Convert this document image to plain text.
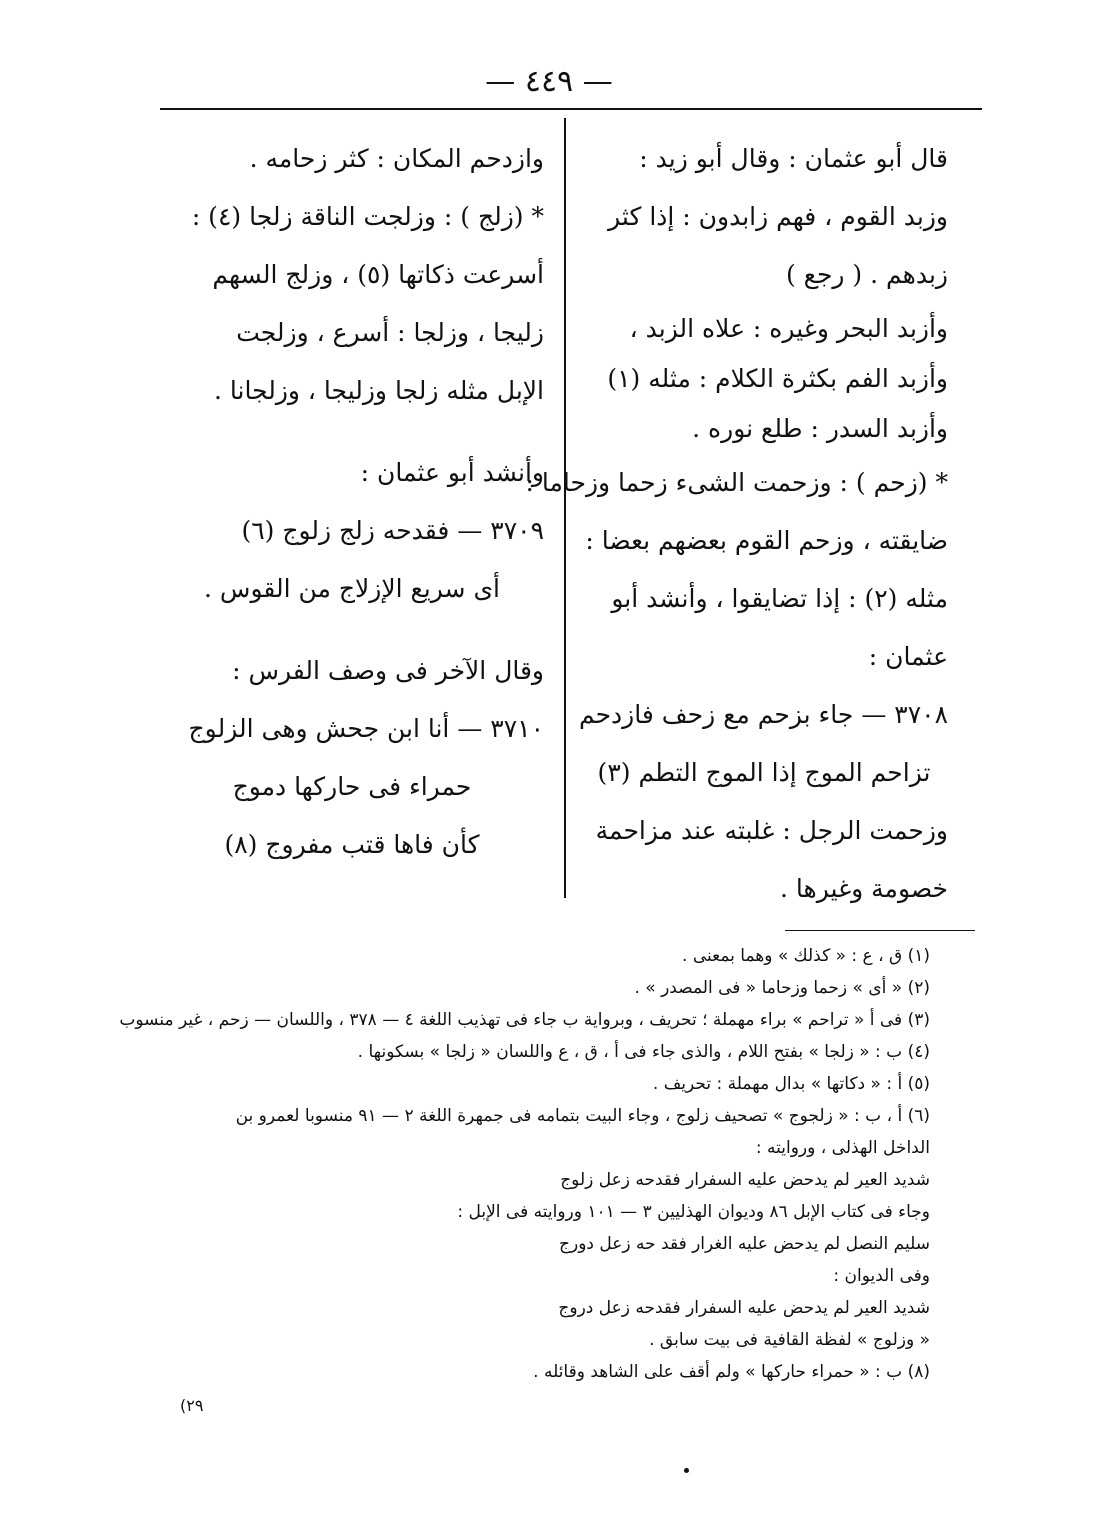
— ٤٤٩ —
قال أبو عثمان : وقال أبو زيد :
وزبد القوم ، فهم زابدون : إذا كثر
زبدهم . ( رجع )
وأزبد البحر وغيره : علاه الزبد ،
وأزبد الفم بكثرة الكلام : مثله (١)
وأزبد السدر : طلع نوره .
* (زحم ) : وزحمت الشىء زحما وزحاما :
ضايقته ، وزحم القوم بعضهم بعضا :
مثله (٢) : إذا تضايقوا ، وأنشد أبو
عثمان :
٣٧٠٨ — جاء بزحم مع زحف فازدحم
تزاحم الموج إذا الموج التطم (٣)
وزحمت الرجل : غلبته عند مزاحمة
خصومة وغيرها .
وازدحم المكان : كثر زحامه .
* (زلج ) : وزلجت الناقة زلجا (٤) :
أسرعت ذكاتها (٥) ، وزلج السهم
زليجا ، وزلجا : أسرع ، وزلجت
الإبل مثله زلجا وزليجا ، وزلجانا .
وأنشد أبو عثمان :
٣٧٠٩ — فقدحه زلج زلوج (٦)
أى سريع الإزلاج من القوس .
وقال الآخر فى وصف الفرس :
٣٧١٠ — أنا ابن جحش وهى الزلوج
حمراء فى حاركها دموج
كأن فاها قتب مفروج (٨)
(١) ق ، ع : « كذلك » وهما بمعنى .
(٢) « أى » زحما وزحاما « فى المصدر » .
(٣) فى أ « تراحم » براء مهملة ؛ تحريف ، وبرواية ب جاء فى تهذيب اللغة ٤ — ٣٧٨ ، واللسان — زحم ، غير منسوب
(٤) ب : « زلجا » بفتح اللام ، والذى جاء فى أ ، ق ، ع واللسان « زلجا » بسكونها .
(٥) أ : « دكاتها » بدال مهملة : تحريف .
(٦) أ ، ب : « زلجوج » تصحيف زلوج ، وجاء البيت بتمامه فى جمهرة اللغة ٢ — ٩١ منسوبا لعمرو بن
الداخل الهذلى ، وروايته :
شديد العير لم يدحض عليه السفرار فقدحه زعل زلوج
وجاء فى كتاب الإبل ٨٦ وديوان الهذليين ٣ — ١٠١ وروايته فى الإبل :
سليم النصل لم يدحض عليه الغرار فقد حه زعل دورج
وفى الديوان :
شديد العير لم يدحض عليه السفرار فقدحه زعل دروج
« وزلوج » لفظة القافية فى بيت سابق .
(٨) ب : « حمراء حاركها » ولم أقف على الشاهد وقائله .
(٢٩
